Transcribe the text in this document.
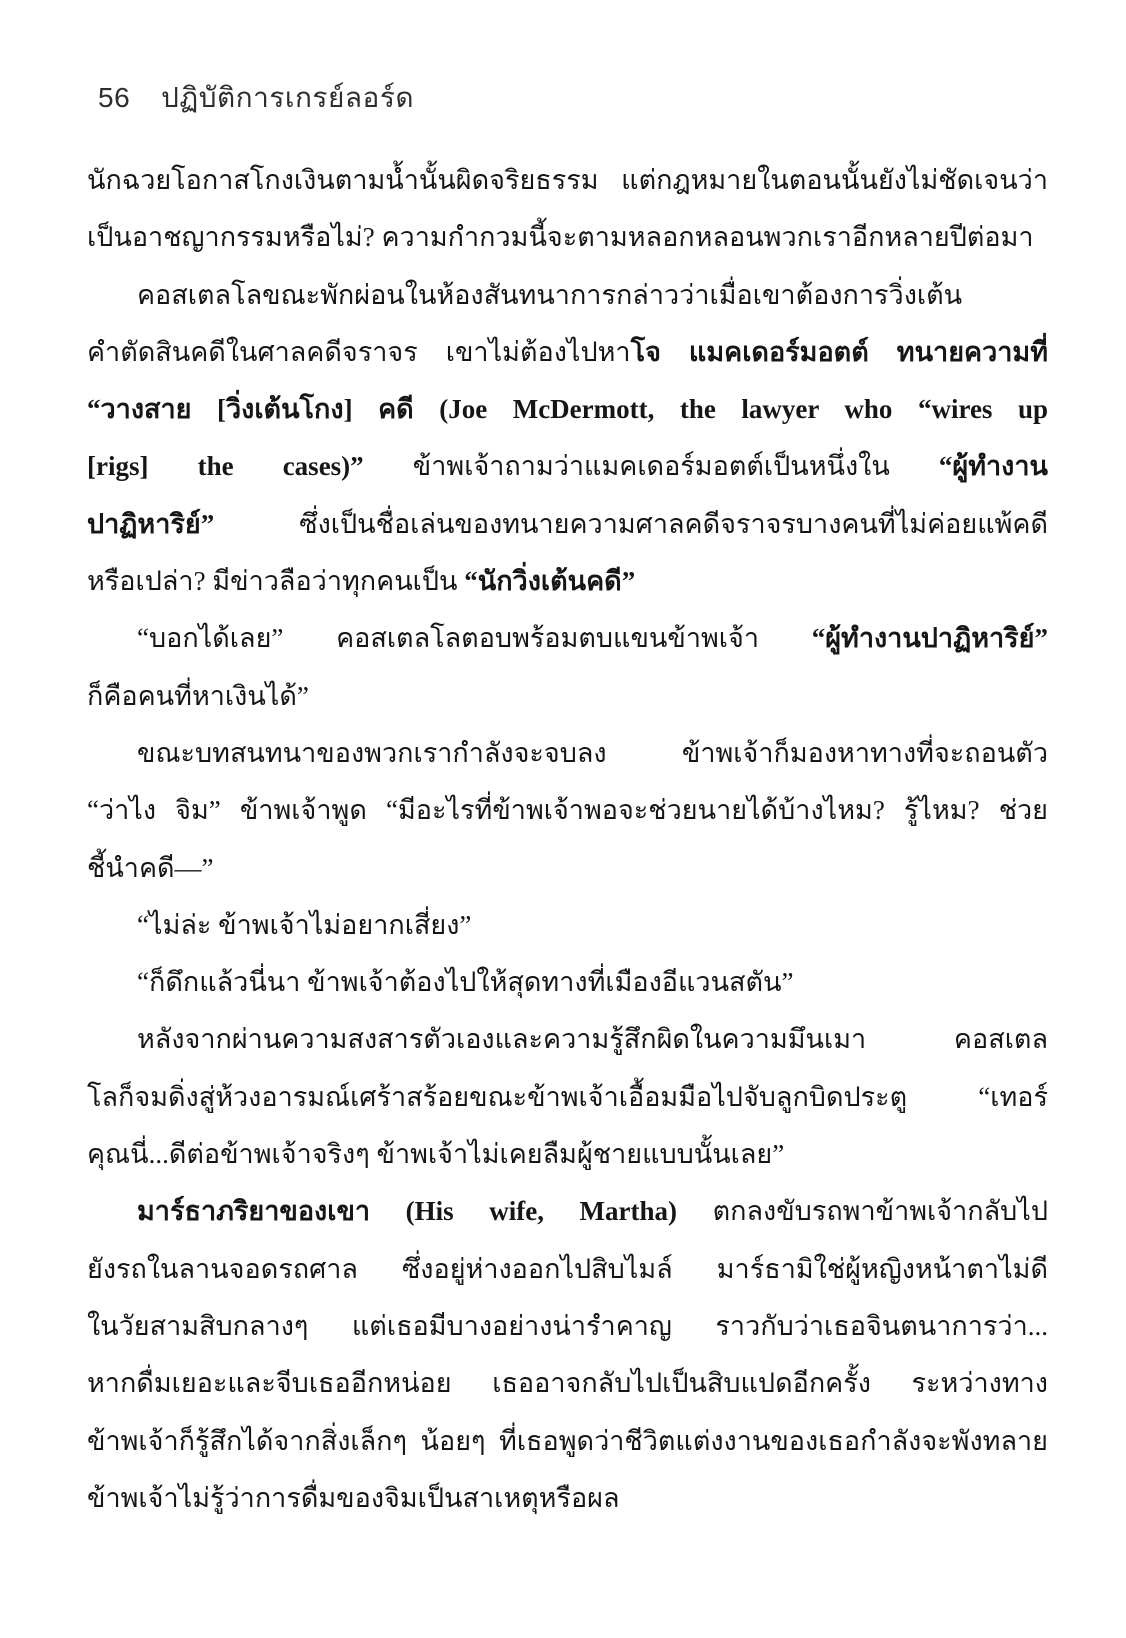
56 ปฏิบัติการเกรย์ลอร์ด
นักฉวยโอกาสโกงเงินตามน้ำนั้นผิดจริยธรรม แต่กฎหมายในตอนนั้นยังไม่ชัดเจนว่า
เป็นอาชญากรรมหรือไม่? ความกำกวมนี้จะตามหลอกหลอนพวกเราอีกหลายปีต่อมา
คอสเตลโลขณะพักผ่อนในห้องสันทนาการกล่าวว่าเมื่อเขาต้องการวิ่งเต้น
คำตัดสินคดีในศาลคดีจราจร เขาไม่ต้องไปหาโจ แมคเดอร์มอตต์ ทนายความที่
“วางสาย [วิ่งเต้นโกง] คดี (Joe McDermott, the lawyer who “wires up
[rigs] the cases)” ข้าพเจ้าถามว่าแมคเดอร์มอตต์เป็นหนึ่งใน “ผู้ทำงาน
ปาฏิหาริย์” ซึ่งเป็นชื่อเล่นของทนายความศาลคดีจราจรบางคนที่ไม่ค่อยแพ้คดี
หรือเปล่า? มีข่าวลือว่าทุกคนเป็น “นักวิ่งเต้นคดี”
“บอกได้เลย” คอสเตลโลตอบพร้อมตบแขนข้าพเจ้า “ผู้ทำงานปาฏิหาริย์”
ก็คือคนที่หาเงินได้”
ขณะบทสนทนาของพวกเรากำลังจะจบลง ข้าพเจ้าก็มองหาทางที่จะถอนตัว
“ว่าไง จิม” ข้าพเจ้าพูด “มีอะไรที่ข้าพเจ้าพอจะช่วยนายได้บ้างไหม? รู้ไหม? ช่วย
ชี้นำคดี—”
“ไม่ล่ะ ข้าพเจ้าไม่อยากเสี่ยง”
“ก็ดึกแล้วนี่นา ข้าพเจ้าต้องไปให้สุดทางที่เมืองอีแวนสตัน”
หลังจากผ่านความสงสารตัวเองและความรู้สึกผิดในความมึนเมา คอสเตล
โลก็จมดิ่งสู่ห้วงอารมณ์เศร้าสร้อยขณะข้าพเจ้าเอื้อมมือไปจับลูกบิดประตู “เทอร์
คุณนี่...ดีต่อข้าพเจ้าจริงๆ ข้าพเจ้าไม่เคยลืมผู้ชายแบบนั้นเลย”
มาร์ธาภริยาของเขา (His wife, Martha) ตกลงขับรถพาข้าพเจ้ากลับไป
ยังรถในลานจอดรถศาล ซึ่งอยู่ห่างออกไปสิบไมล์ มาร์ธามิใช่ผู้หญิงหน้าตาไม่ดี
ในวัยสามสิบกลางๆ แต่เธอมีบางอย่างน่ารำคาญ ราวกับว่าเธอจินตนาการว่า...
หากดื่มเยอะและจีบเธออีกหน่อย เธออาจกลับไปเป็นสิบแปดอีกครั้ง ระหว่างทาง
ข้าพเจ้าก็รู้สึกได้จากสิ่งเล็กๆ น้อยๆ ที่เธอพูดว่าชีวิตแต่งงานของเธอกำลังจะพังทลาย
ข้าพเจ้าไม่รู้ว่าการดื่มของจิมเป็นสาเหตุหรือผล
